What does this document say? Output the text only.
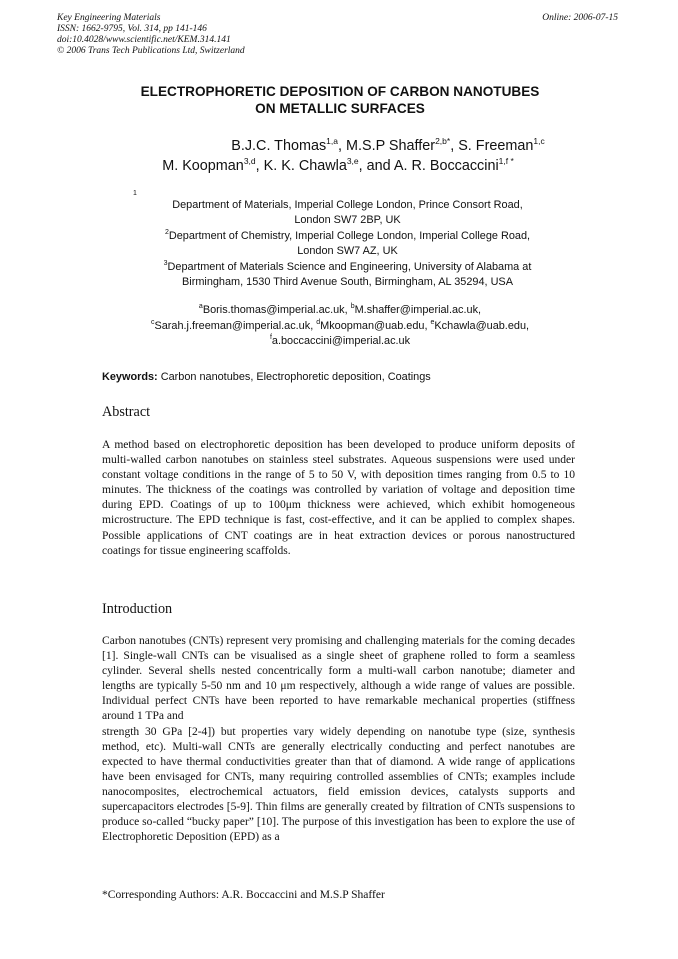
Key Engineering Materials
ISSN: 1662-9795, Vol. 314, pp 141-146
doi:10.4028/www.scientific.net/KEM.314.141
© 2006 Trans Tech Publications Ltd, Switzerland
Online: 2006-07-15
ELECTROPHORETIC DEPOSITION OF CARBON NANOTUBES
ON METALLIC SURFACES
B.J.C. Thomas$^{1,a}$, M.S.P Shaffer$^{2,b*}$, S. Freeman$^{1,c}$
M. Koopman$^{3,d}$, K. K. Chawla$^{3,e}$, and A. R. Boccaccini$^{1,f *}$
$^1$
Department of Materials, Imperial College London, Prince Consort Road,
London SW7 2BP, UK
$^2$Department of Chemistry, Imperial College London, Imperial College Road,
London SW7 AZ, UK
$^3$Department of Materials Science and Engineering, University of Alabama at
Birmingham, 1530 Third Avenue South, Birmingham, AL 35294, USA
$^a$Boris.thomas@imperial.ac.uk, $^b$M.shaffer@imperial.ac.uk,
$^c$Sarah.j.freeman@imperial.ac.uk, $^d$Mkoopman@uab.edu, $^e$Kchawla@uab.edu,
$^f$a.boccaccini@imperial.ac.uk
Keywords: Carbon nanotubes, Electrophoretic deposition, Coatings
Abstract

A method based on electrophoretic deposition has been developed to produce uniform deposits of multi-walled carbon nanotubes on stainless steel substrates. Aqueous suspensions were used under constant voltage conditions in the range of 5 to 50 V, with deposition times ranging from 0.5 to 10 minutes. The thickness of the coatings was controlled by variation of voltage and deposition time during EPD. Coatings of up to 100μm thickness were achieved, which exhibit homogeneous microstructure. The EPD technique is fast, cost-effective, and it can be applied to complex shapes. Possible applications of CNT coatings are in heat extraction devices or porous nanostructured coatings for tissue engineering scaffolds.

Introduction

Carbon nanotubes (CNTs) represent very promising and challenging materials for the coming decades [1]. Single-wall CNTs can be visualised as a single sheet of graphene rolled to form a seamless cylinder. Several shells nested concentrically form a multi-wall carbon nanotube; diameter and lengths are typically 5-50 nm and 10 μm respectively, although a wide range of values are possible. Individual perfect CNTs have been reported to have remarkable mechanical properties (stiffness around 1 TPa and

strength 30 GPa [2-4]) but properties vary widely depending on nanotube type (size, synthesis method, etc). Multi-wall CNTs are generally electrically conducting and perfect nanotubes are expected to have thermal conductivities greater than that of diamond. A wide range of applications have been envisaged for CNTs, many requiring controlled assemblies of CNTs; examples include nanocomposites, electrochemical actuators, field emission devices, catalysts supports and supercapacitors electrodes [5-9]. Thin films are generally created by filtration of CNTs suspensions to produce so-called “bucky paper” [10]. The purpose of this investigation has been to explore the use of Electrophoretic Deposition (EPD) as a

*Corresponding Authors: A.R. Boccaccini and M.S.P Shaffer
